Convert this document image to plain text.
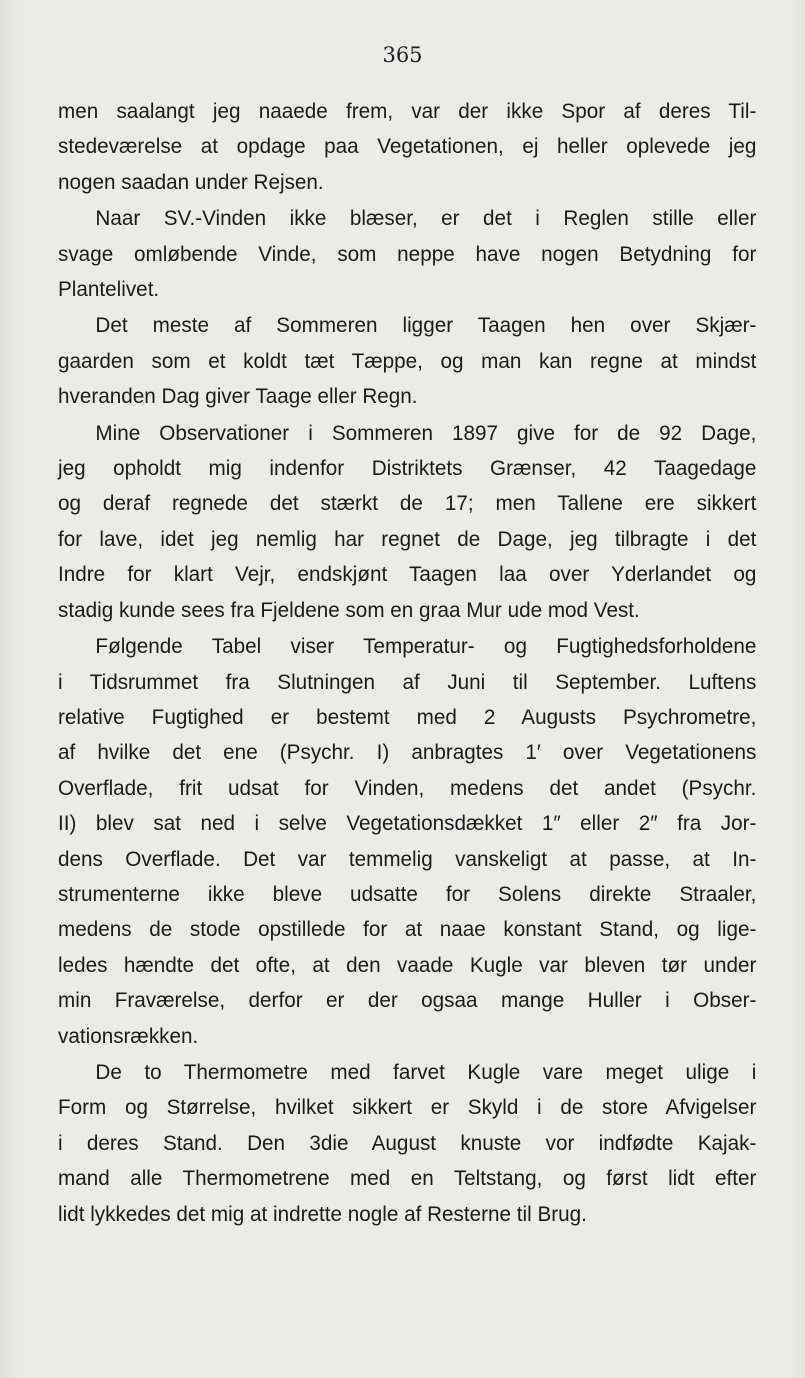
365
men saalangt jeg naaede frem, var der ikke Spor af deres Til-
stedeværelse at opdage paa Vegetationen, ej heller oplevede jeg
nogen saadan under Rejsen.
Naar SV.-Vinden ikke blæser, er det i Reglen stille eller
svage omløbende Vinde, som neppe have nogen Betydning for
Plantelivet.
Det meste af Sommeren ligger Taagen hen over Skjær-
gaarden som et koldt tæt Tæppe, og man kan regne at mindst
hveranden Dag giver Taage eller Regn.
Mine Observationer i Sommeren 1897 give for de 92 Dage,
jeg opholdt mig indenfor Distriktets Grænser, 42 Taagedage
og deraf regnede det stærkt de 17; men Tallene ere sikkert
for lave, idet jeg nemlig har regnet de Dage, jeg tilbragte i det
Indre for klart Vejr, endskjønt Taagen laa over Yderlandet og
stadig kunde sees fra Fjeldene som en graa Mur ude mod Vest.
Følgende Tabel viser Temperatur- og Fugtighedsforholdene
i Tidsrummet fra Slutningen af Juni til September. Luftens
relative Fugtighed er bestemt med 2 Augusts Psychrometre,
af hvilke det ene (Psychr. I) anbragtes 1′ over Vegetationens
Overflade, frit udsat for Vinden, medens det andet (Psychr.
II) blev sat ned i selve Vegetationsdækket 1″ eller 2″ fra Jor-
dens Overflade. Det var temmelig vanskeligt at passe, at In-
strumenterne ikke bleve udsatte for Solens direkte Straaler,
medens de stode opstillede for at naae konstant Stand, og lige-
ledes hændte det ofte, at den vaade Kugle var bleven tør under
min Fraværelse, derfor er der ogsaa mange Huller i Obser-
vationsrækken.
De to Thermometre med farvet Kugle vare meget ulige i
Form og Størrelse, hvilket sikkert er Skyld i de store Afvigelser
i deres Stand. Den 3die August knuste vor indfødte Kajak-
mand alle Thermometrene med en Teltstang, og først lidt efter
lidt lykkedes det mig at indrette nogle af Resterne til Brug.
